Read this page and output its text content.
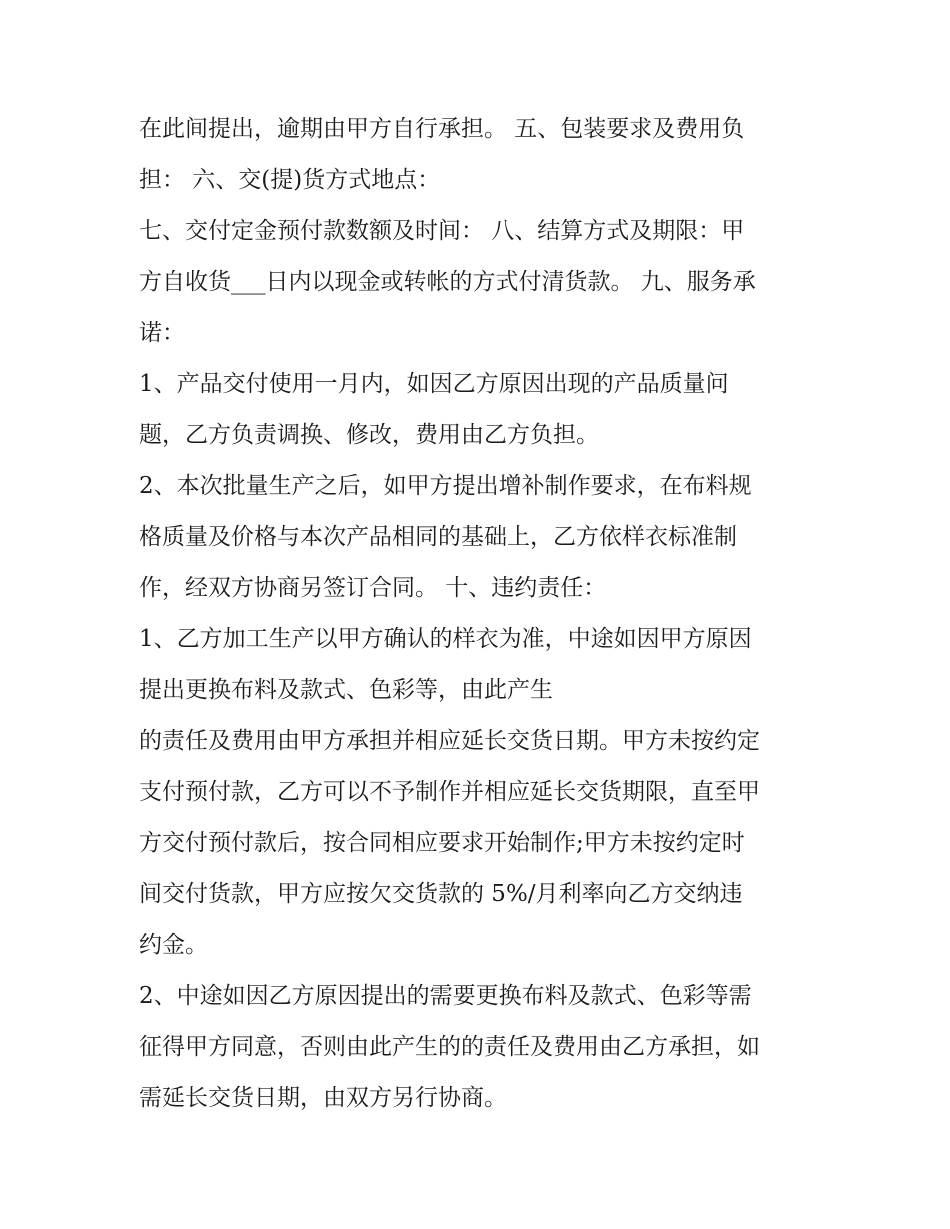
在此间提出，逾期由甲方自行承担。 五、包装要求及费用负
担： 六、交(提)货方式地点：
七、交付定金预付款数额及时间： 八、结算方式及期限：甲
方自收货___日内以现金或转帐的方式付清货款。 九、服务承
诺：
1、产品交付使用一月内，如因乙方原因出现的产品质量问
题，乙方负责调换、修改，费用由乙方负担。
2、本次批量生产之后，如甲方提出增补制作要求，在布料规
格质量及价格与本次产品相同的基础上，乙方依样衣标准制
作，经双方协商另签订合同。 十、违约责任：
1、乙方加工生产以甲方确认的样衣为准，中途如因甲方原因
提出更换布料及款式、色彩等，由此产生
的责任及费用由甲方承担并相应延长交货日期。甲方未按约定
支付预付款，乙方可以不予制作并相应延长交货期限，直至甲
方交付预付款后，按合同相应要求开始制作;甲方未按约定时
间交付货款，甲方应按欠交货款的 5%/月利率向乙方交纳违
约金。
2、中途如因乙方原因提出的需要更换布料及款式、色彩等需
征得甲方同意，否则由此产生的的责任及费用由乙方承担，如
需延长交货日期，由双方另行协商。
